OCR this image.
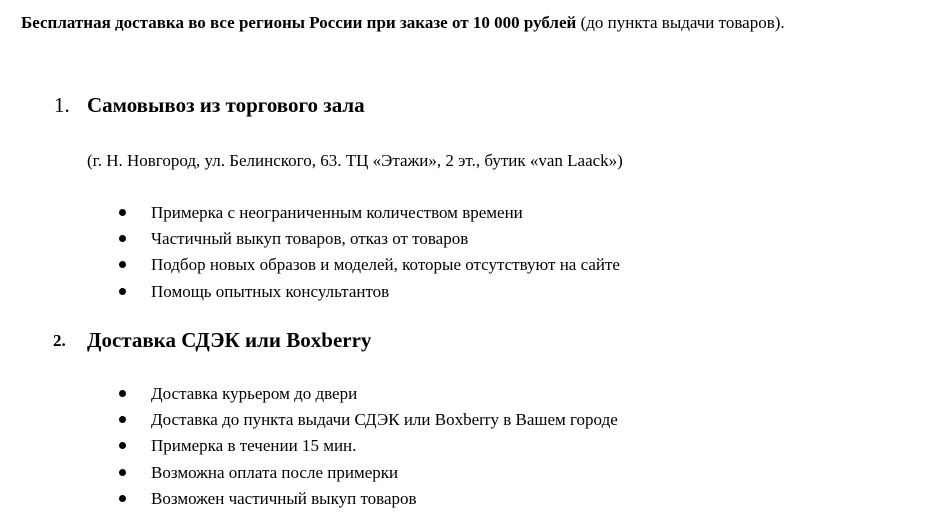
Бесплатная доставка во все регионы России при заказе от 10 000 рублей (до пункта выдачи товаров).

1. Самовывоз из торгового зала

(г. Н. Новгород, ул. Белинского, 63. ТЦ «Этажи», 2 эт., бутик «van Laack»)

Примерка с неограниченным количеством времени
Частичный выкуп товаров, отказ от товаров
Подбор новых образов и моделей, которые отсутствуют на сайте
Помощь опытных консультантов
2. Доставка СДЭК или Boxberry
Доставка курьером до двери
Доставка до пункта выдачи СДЭК или Boxberry в Вашем городе
Примерка в течении 15 мин.
Возможна оплата после примерки
Возможен частичный выкуп товаров
